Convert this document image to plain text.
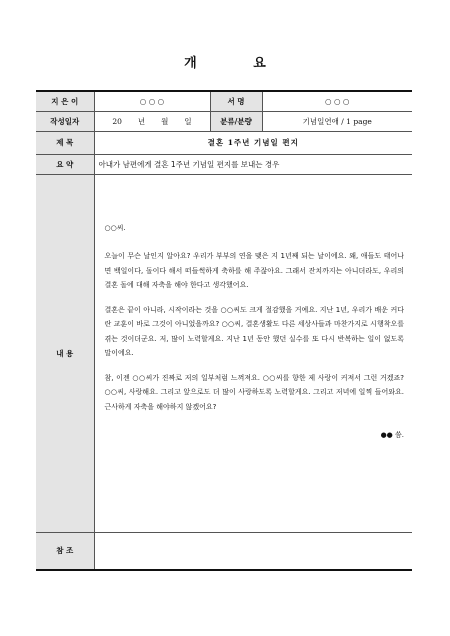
개 요
지 은 이	○ ○ ○	서 명	○ ○ ○
작성일자	20 년 월 일	분류/분량	기념일연애 / 1 page
제 목	결혼 1주년 기념일 편지		
요 약	아내가 남편에게 결혼 1주년 기념일 편지를 보내는 경우		
내 용	○○씨.

오늘이 무슨 날인지 알아요? 우리가 부부의 연을 맺은 지 1년째 되는 날이에요. 왜, 애들도 태어나면 백일이다, 돌이다 해서 떠들썩하게 축하를 해 주잖아요. 그래서 잔치까지는 아니더라도, 우리의 결혼 돌에 대해 자축을 해야 한다고 생각했어요.

결혼은 끝이 아니라, 시작이라는 것을 ○○씨도 크게 절감했을 거예요. 지난 1년, 우리가 배운 커다란 교훈이 바로 그것이 아니었을까요? ○○씨, 결혼생활도 다른 세상사들과 마찬가지로 시행착오를 겪는 것이더군요. 저, 많이 노력할게요. 지난 1년 동안 했던 실수를 또 다시 반복하는 일이 없도록 말이에요.

참, 이젠 ○○씨가 진짜로 저의 일부처럼 느껴져요. ○○씨를 향한 제 사랑이 커져서 그런 거겠죠? ○○씨, 사랑해요. 그리고 앞으로도 더 많이 사랑하도록 노력할게요. 그리고 저녁에 일찍 들어와요. 근사하게 자축을 해야하지 않겠어요?

●● 씀.		

참 조			
